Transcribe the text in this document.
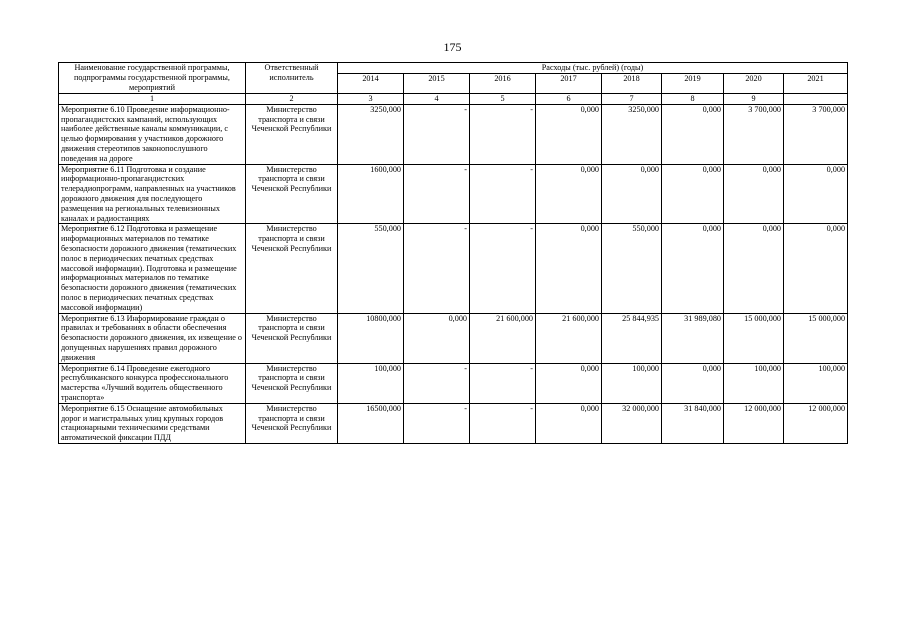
175
Наименование государственной программы, подпрограммы государственной программы, мероприятий	Ответственный исполнитель	Расходы (тыс. рублей) (годы)							
		2014	2015	2016	2017	2018	2019	2020	2021
1	2	3	4	5	6	7	8	9	
Мероприятие 6.10 Проведение информационно-пропагандистских кампаний, использующих наиболее действенные каналы коммуникации, с целью формирования у участников дорожного движения стереотипов законопослушного поведения на дороге	Министерство транспорта и связи Чеченской Республики	3250,000	-	-	0,000	3250,000	0,000	3 700,000	3 700,000
Мероприятие 6.11 Подготовка и создание информационно-пропагандистских телерадиопрограмм, направленных на участников дорожного движения для последующего размещения на региональных телевизионных каналах и радиостанциях	Министерство транспорта и связи Чеченской Республики	1600,000	-	-	0,000	0,000	0,000	0,000	0,000
Мероприятие 6.12 Подготовка и размещение информационных материалов по тематике безопасности дорожного движения (тематических полос в периодических печатных средствах массовой информации). Подготовка и размещение информационных материалов по тематике безопасности дорожного движения (тематических полос в периодических печатных средствах массовой информации)	Министерство транспорта и связи Чеченской Республики	550,000	-	-	0,000	550,000	0,000	0,000	0,000
Мероприятие 6.13 Информирование граждан о правилах и требованиях в области обеспечения безопасности дорожного движения, их извещение о допущенных нарушениях правил дорожного движения	Министерство транспорта и связи Чеченской Республики	10800,000	0,000	21 600,000	21 600,000	25 844,935	31 989,080	15 000,000	15 000,000
Мероприятие 6.14 Проведение ежегодного республиканского конкурса профессионального мастерства «Лучший водитель общественного транспорта»	Министерство транспорта и связи Чеченской Республики	100,000	-	-	0,000	100,000	0,000	100,000	100,000
Мероприятие 6.15 Оснащение автомобильных дорог и магистральных улиц крупных городов стационарными техническими средствами автоматической фиксации ПДД	Министерство транспорта и связи Чеченской Республики	16500,000	-	-	0,000	32 000,000	31 840,000	12 000,000	12 000,000
